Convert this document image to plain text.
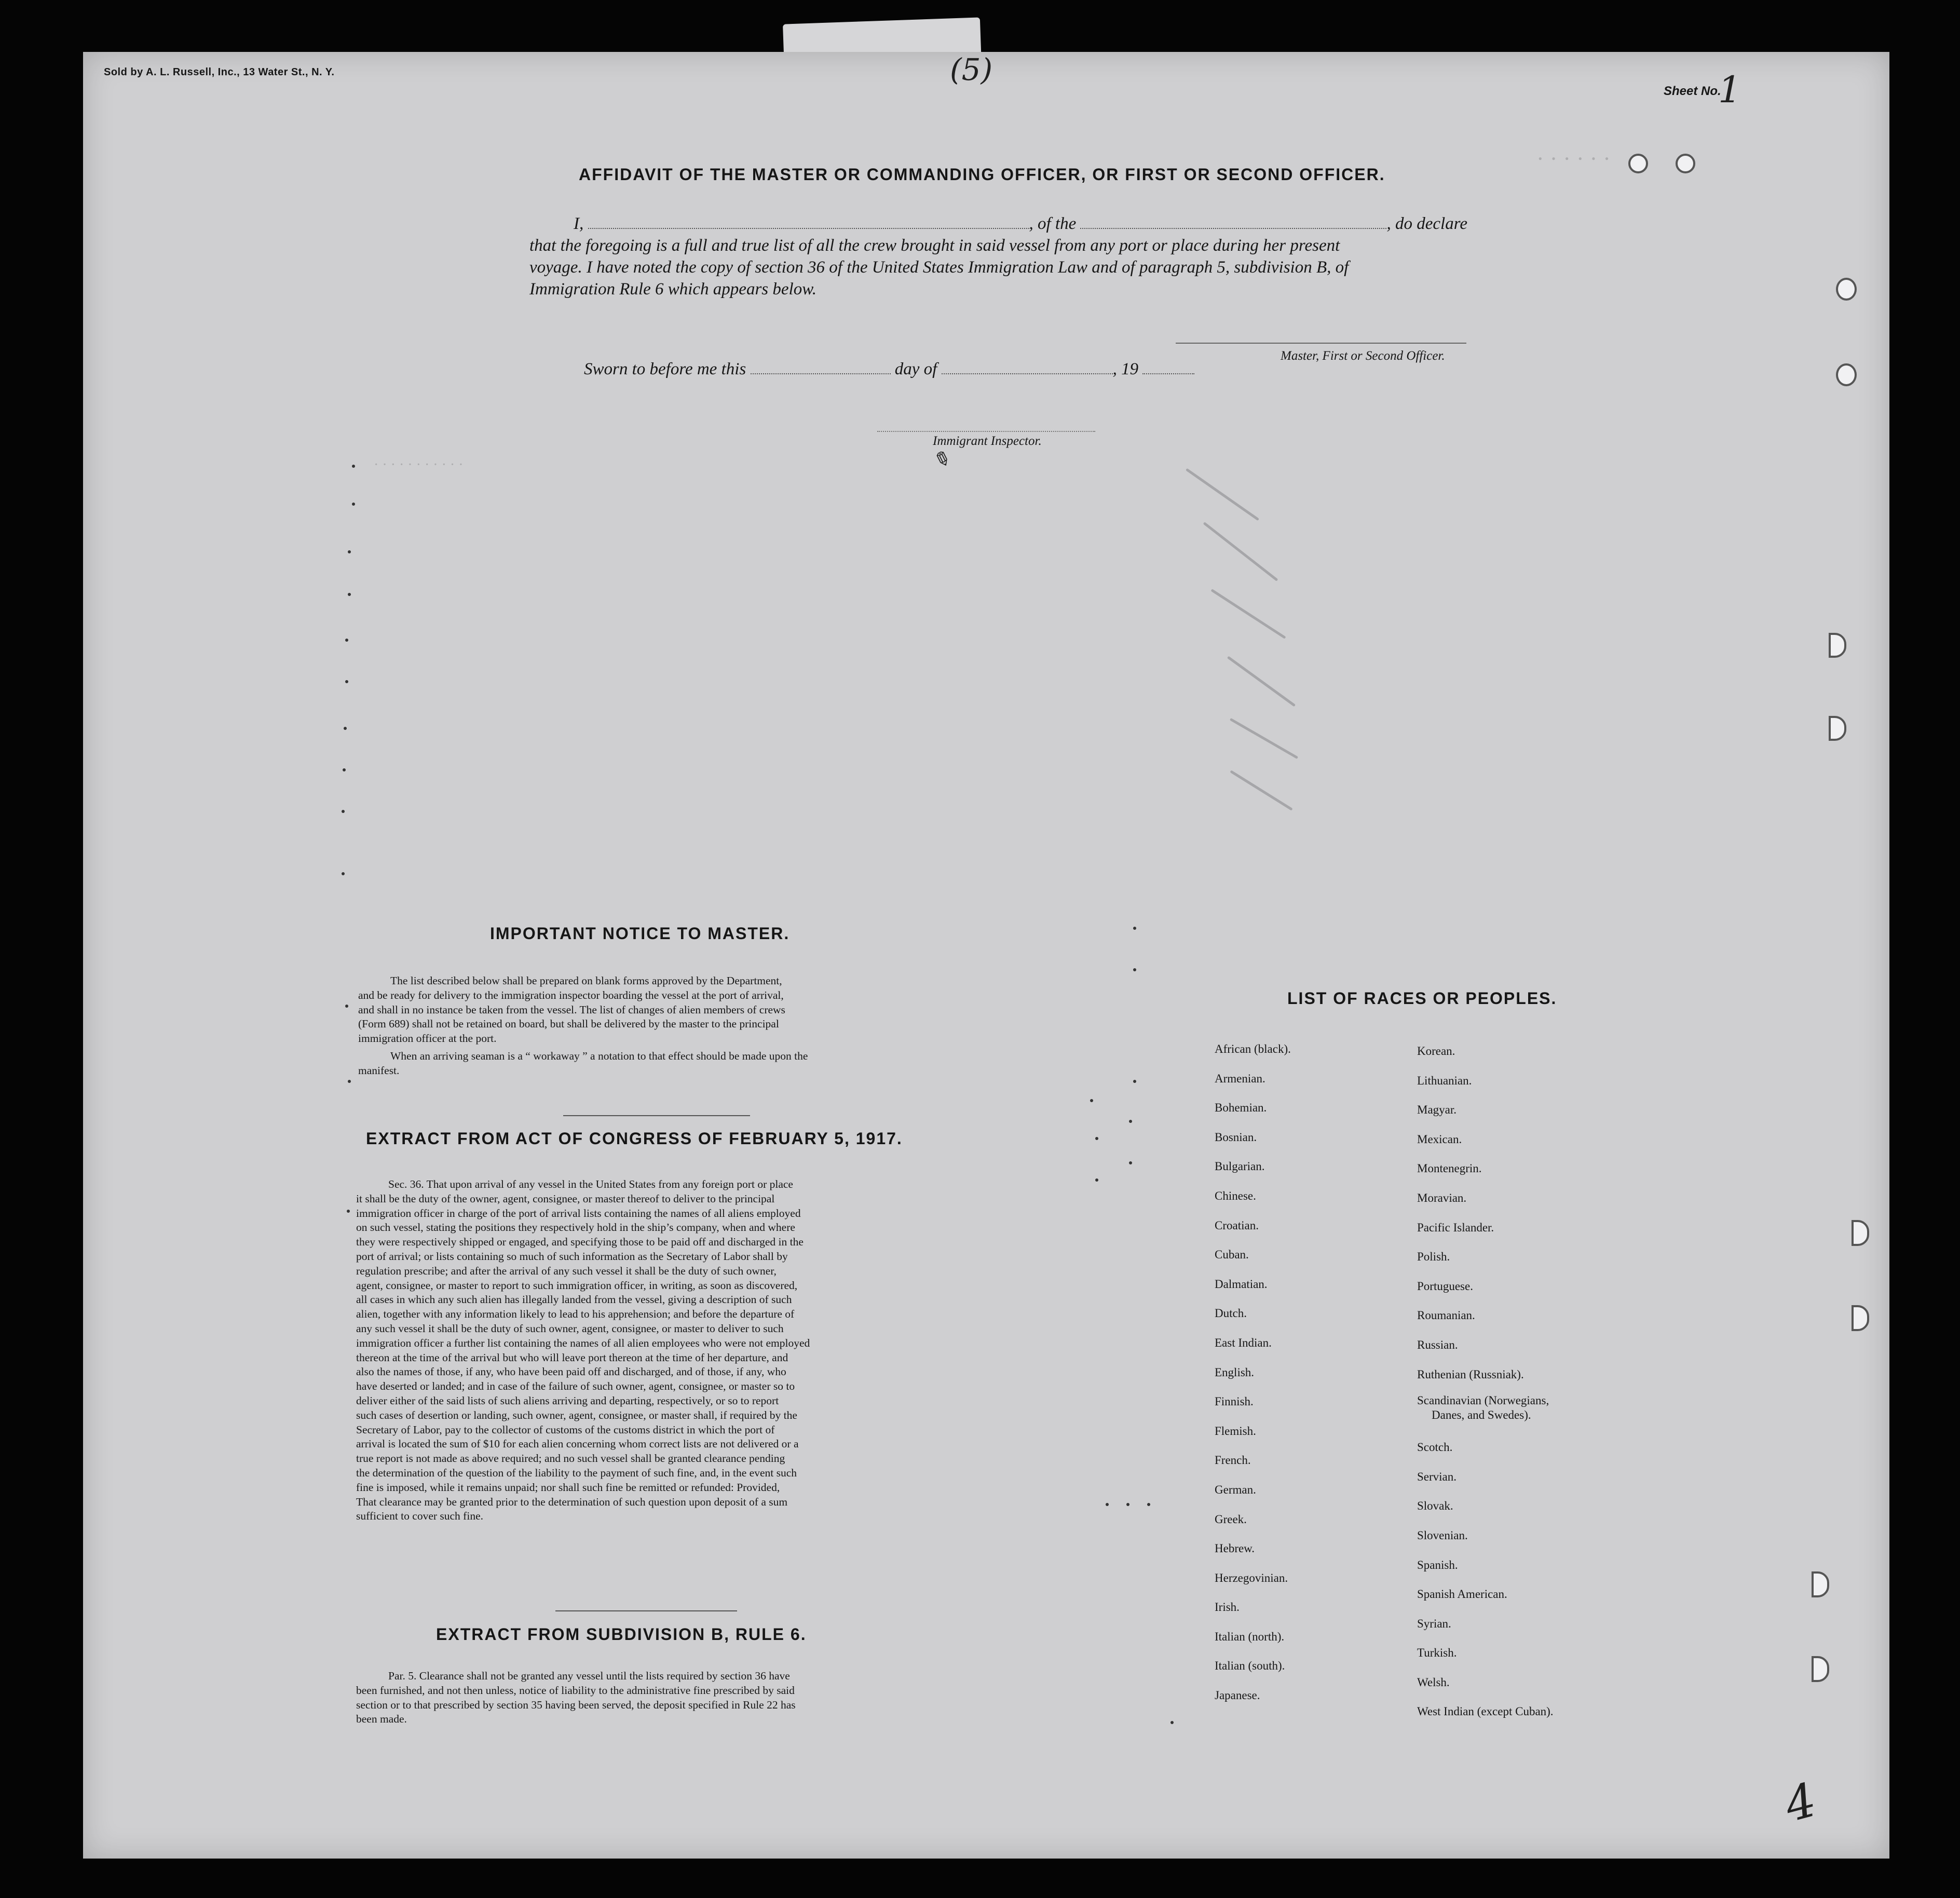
· · · · · · · · · · ·
· · · · · ·
Sold by A. L. Russell, Inc., 13 Water St., N. Y.
Sheet No.
1
(5)
AFFIDAVIT OF THE MASTER OR COMMANDING OFFICER, OR FIRST OR SECOND OFFICER.
I,	, of the	, do declare
that the foregoing is a full and true list of all the crew brought in said vessel from any port or place during her present
voyage. I have noted the copy of section 36 of the United States Immigration Law and of paragraph 5, subdivision B, of
Immigration Rule 6 which appears below.
Master, First or Second Officer.
Sworn to before me this	day of	, 19
Immigrant Inspector.
✎
IMPORTANT NOTICE TO MASTER.
The list described below shall be prepared on blank forms approved by the Department,
and be ready for delivery to the immigration inspector boarding the vessel at the port of arrival,
and shall in no instance be taken from the vessel. The list of changes of alien members of crews
(Form 689) shall not be retained on board, but shall be delivered by the master to the principal
immigration officer at the port.
When an arriving seaman is a “ workaway ” a notation to that effect should be made upon the
manifest.
EXTRACT FROM ACT OF CONGRESS OF FEBRUARY 5, 1917.
Sec. 36. That upon arrival of any vessel in the United States from any foreign port or place
it shall be the duty of the owner, agent, consignee, or master thereof to deliver to the principal
immigration officer in charge of the port of arrival lists containing the names of all aliens employed
on such vessel, stating the positions they respectively hold in the ship’s company, when and where
they were respectively shipped or engaged, and specifying those to be paid off and discharged in the
port of arrival; or lists containing so much of such information as the Secretary of Labor shall by
regulation prescribe; and after the arrival of any such vessel it shall be the duty of such owner,
agent, consignee, or master to report to such immigration officer, in writing, as soon as discovered,
all cases in which any such alien has illegally landed from the vessel, giving a description of such
alien, together with any information likely to lead to his apprehension; and before the departure of
any such vessel it shall be the duty of such owner, agent, consignee, or master to deliver to such
immigration officer a further list containing the names of all alien employees who were not employed
thereon at the time of the arrival but who will leave port thereon at the time of her departure, and
also the names of those, if any, who have been paid off and discharged, and of those, if any, who
have deserted or landed; and in case of the failure of such owner, agent, consignee, or master so to
deliver either of the said lists of such aliens arriving and departing, respectively, or so to report
such cases of desertion or landing, such owner, agent, consignee, or master shall, if required by the
Secretary of Labor, pay to the collector of customs of the customs district in which the port of
arrival is located the sum of $10 for each alien concerning whom correct lists are not delivered or a
true report is not made as above required; and no such vessel shall be granted clearance pending
the determination of the question of the liability to the payment of such fine, and, in the event such
fine is imposed, while it remains unpaid; nor shall such fine be remitted or refunded: Provided,
That clearance may be granted prior to the determination of such question upon deposit of a sum
sufficient to cover such fine.
EXTRACT FROM SUBDIVISION B, RULE 6.
Par. 5. Clearance shall not be granted any vessel until the lists required by section 36 have
been furnished, and not then unless, notice of liability to the administrative fine prescribed by said
section or to that prescribed by section 35 having been served, the deposit specified in Rule 22 has
been made.
LIST OF RACES OR PEOPLES.
African (black).
Armenian.
Bohemian.
Bosnian.
Bulgarian.
Chinese.
Croatian.
Cuban.
Dalmatian.
Dutch.
East Indian.
English.
Finnish.
Flemish.
French.
German.
Greek.
Hebrew.
Herzegovinian.
Irish.
Italian (north).
Italian (south).
Japanese.
Korean.
Lithuanian.
Magyar.
Mexican.
Montenegrin.
Moravian.
Pacific Islander.
Polish.
Portuguese.
Roumanian.
Russian.
Ruthenian (Russniak).
Scandinavian (Norwegians,
Danes, and Swedes).
Scotch.
Servian.
Slovak.
Slovenian.
Spanish.
Spanish American.
Syrian.
Turkish.
Welsh.
West Indian (except Cuban).
4
